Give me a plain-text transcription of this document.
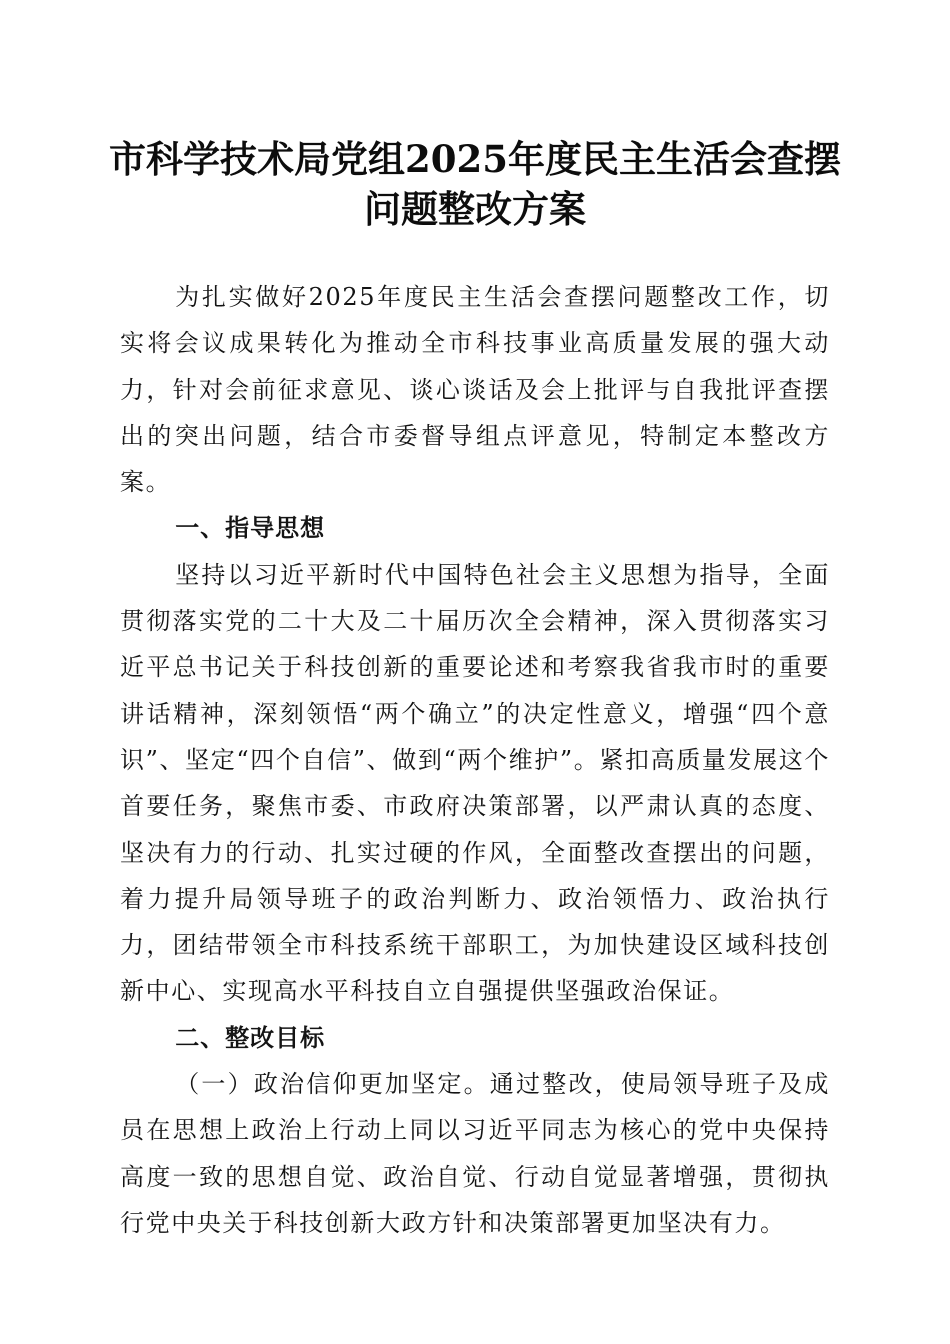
市科学技术局党组2025年度民主生活会查摆
问题整改方案

为扎实做好2025年度民主生活会查摆问题整改工作，切实将会议成果转化为推动全市科技事业高质量发展的强大动力，针对会前征求意见、谈心谈话及会上批评与自我批评查摆出的突出问题，结合市委督导组点评意见，特制定本整改方案。

一、指导思想

坚持以习近平新时代中国特色社会主义思想为指导，全面贯彻落实党的二十大及二十届历次全会精神，深入贯彻落实习近平总书记关于科技创新的重要论述和考察我省我市时的重要讲话精神，深刻领悟“两个确立”的决定性意义，增强“四个意识”、坚定“四个自信”、做到“两个维护”。紧扣高质量发展这个首要任务，聚焦市委、市政府决策部署，以严肃认真的态度、坚决有力的行动、扎实过硬的作风，全面整改查摆出的问题，着力提升局领导班子的政治判断力、政治领悟力、政治执行力，团结带领全市科技系统干部职工，为加快建设区域科技创新中心、实现高水平科技自立自强提供坚强政治保证。

二、整改目标

（一）政治信仰更加坚定。通过整改，使局领导班子及成员在思想上政治上行动上同以习近平同志为核心的党中央保持高度一致的思想自觉、政治自觉、行动自觉显著增强，贯彻执行党中央关于科技创新大政方针和决策部署更加坚决有力。
